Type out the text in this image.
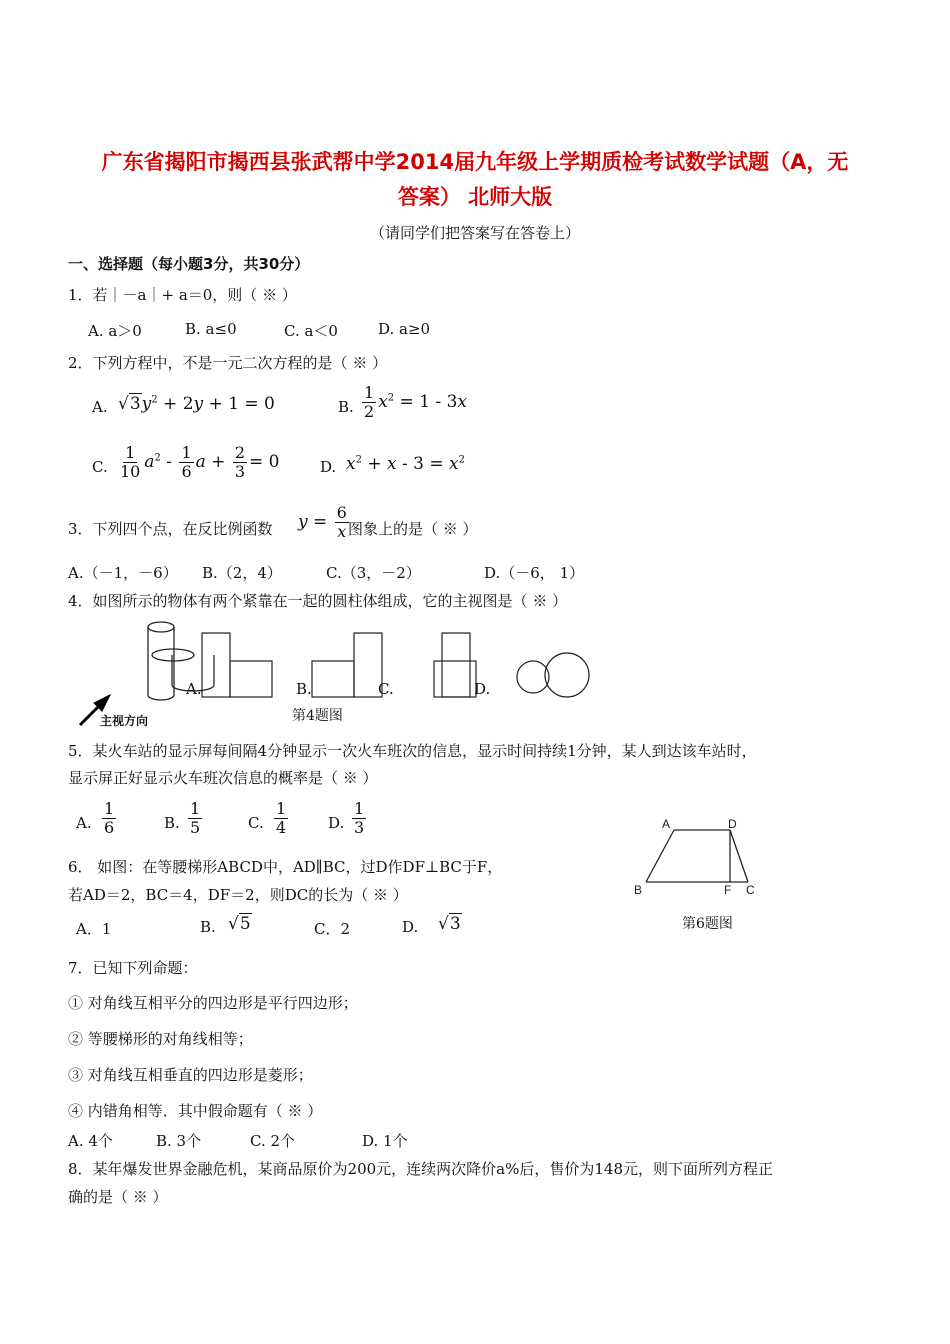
广东省揭阳市揭西县张武帮中学2014届九年级上学期质检考试数学试题（A，无
答案） 北师大版
（请同学们把答案写在答卷上）
一、选择题（每小题3分，共30分）
1．若｜－a｜+ a＝0，则（ ※ ）
A. a＞0	B. a≤0	C. a＜0	D. a≥0
2．下列方程中，不是一元二次方程的是（ ※ ）
A. $√3y^2 + 2y + 1 = 0$	B. $\frac{1}{2} x^2 = 1 - 3x$
C. $\frac{1}{10} a^2 - \frac{1}{6}$ $a + \frac{2}{3} = 0$	D. $x^2 + x - 3 = x^2$
3．下列四个点，在反比例函数 $y = \frac{6}{x}$ 图象上的是（ ※ ）
A.（－1，－6） B.（2，4）	C.（3，－2）	D.（－6， 1）
4．如图所示的物体有两个紧靠在一起的圆柱体组成，它的主视图是（ ※ ）
A.	B.	C.	D.
主视方向	第4题图
5．某火车站的显示屏每间隔4分钟显示一次火车班次的信息，显示时间持续1分钟，某人到达该车站时，
显示屏正好显示火车班次信息的概率是（ ※ ）
A. $\frac{1}{6}$	B. $\frac{1}{5}$	C. $\frac{1}{4}$	D. $\frac{1}{3}$	A	D
B	F C
第6题图
6． 如图：在等腰梯形ABCD中，AD∥BC，过D作DF⊥BC于F，
若AD＝2，BC＝4，DF＝2，则DC的长为（ ※ ）
A．1	B. √5	C．2	D. √3
7．已知下列命题：
① 对角线互相平分的四边形是平行四边形；
② 等腰梯形的对角线相等；
③ 对角线互相垂直的四边形是菱形；
④ 内错角相等．其中假命题有（ ※ ）
A. 4个	B. 3个	C. 2个	D. 1个
8．某年爆发世界金融危机，某商品原价为200元，连续两次降价a%后，售价为148元，则下面所列方程正
确的是（ ※ ）
